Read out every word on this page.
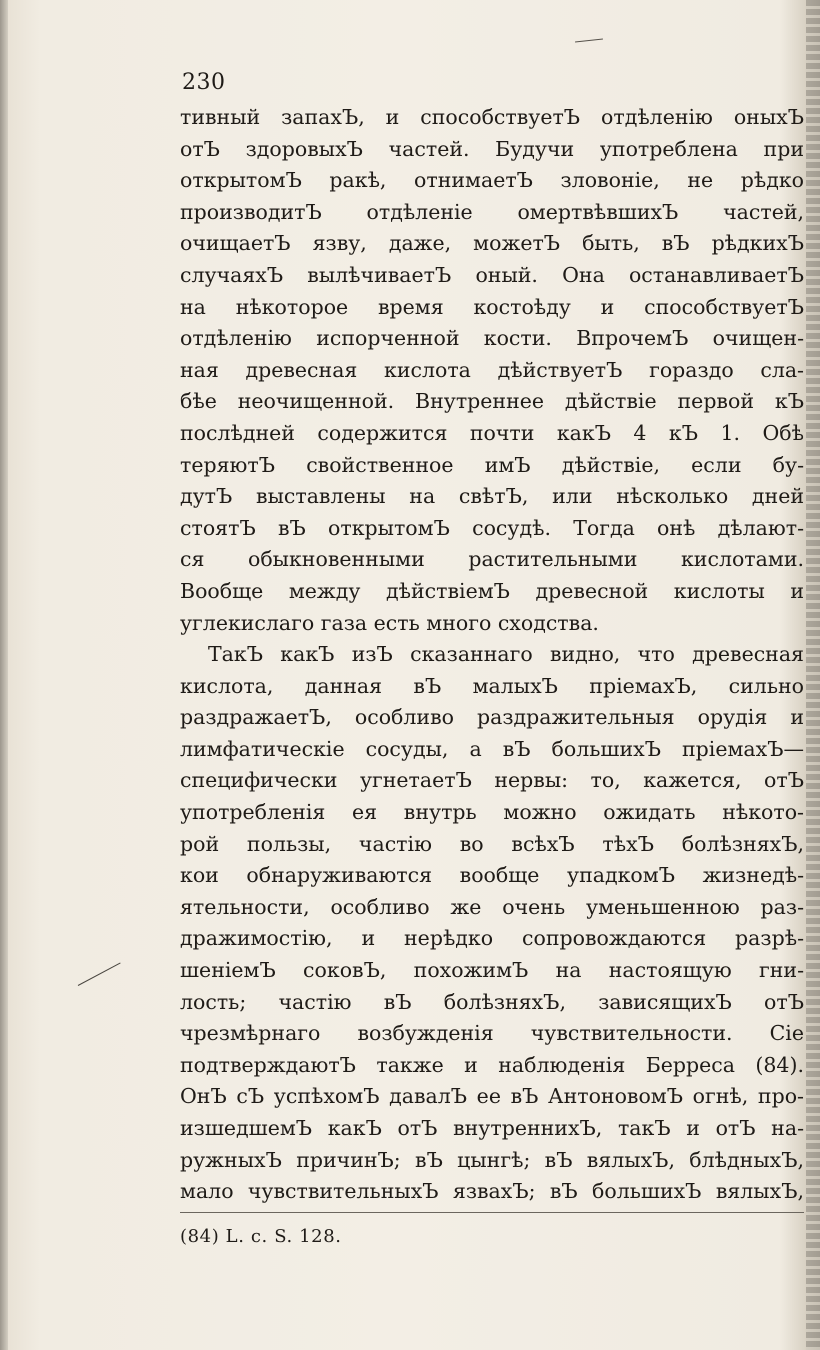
230
тивный запахЪ, и способствуетЪ отдѣленію оныхЪ
отЪ здоровыхЪ частей. Будучи употреблена при
открытомЪ ракѣ, отнимаетЪ зловоніе, не рѣдко
производитЪ отдѣленіе омертвѣвшихЪ частей,
очищаетЪ язву, даже, можетЪ быть, вЪ рѣдкихЪ
случаяхЪ вылѣчиваетЪ оный. Она останавливаетЪ
на нѣкоторое время костоѣду и способствуетЪ
отдѣленію испорченной кости. ВпрочемЪ очищен-
ная древесная кислота дѣйствуетЪ гораздо сла-
бѣе неочищенной. Внутреннее дѣйствіе первой кЪ
послѣдней содержится почти какЪ 4 кЪ 1. Обѣ
теряютЪ свойственное имЪ дѣйствіе, если бу-
дутЪ выставлены на свѣтЪ, или нѣсколько дней
стоятЪ вЪ открытомЪ сосудѣ. Тогда онѣ дѣлают-
ся обыкновенными растительными кислотами.
Вообще между дѣйствіемЪ древесной кислоты и
углекислаго газа есть много сходства.
ТакЪ какЪ изЪ сказаннаго видно, что древесная
кислота, данная вЪ малыхЪ пріемахЪ, сильно
раздражаетЪ, особливо раздражительныя орудія и
лимфатическіе сосуды, а вЪ большихЪ пріемахЪ—
специфически угнетаетЪ нервы: то, кажется, отЪ
употребленія ея внутрь можно ожидать нѣкото-
рой пользы, частію во всѣхЪ тѣхЪ болѣзняхЪ,
кои обнаруживаются вообще упадкомЪ жизнедѣ-
ятельности, особливо же очень уменьшенною раз-
дражимостію, и нерѣдко сопровождаются разрѣ-
шеніемЪ соковЪ, похожимЪ на настоящую гни-
лость; частію вЪ болѣзняхЪ, зависящихЪ отЪ
чрезмѣрнаго возбужденія чувствительности. Сіе
подтверждаютЪ также и наблюденія Берреса (84).
ОнЪ сЪ успѣхомЪ давалЪ ее вЪ АнтоновомЪ огнѣ, про-
изшедшемЪ какЪ отЪ внутреннихЪ, такЪ и отЪ на-
ружныхЪ причинЪ; вЪ цынгѣ; вЪ вялыхЪ, блѣдныхЪ,
мало чувствительныхЪ язвахЪ; вЪ большихЪ вялыхЪ,
(84) L. c. S. 128.
